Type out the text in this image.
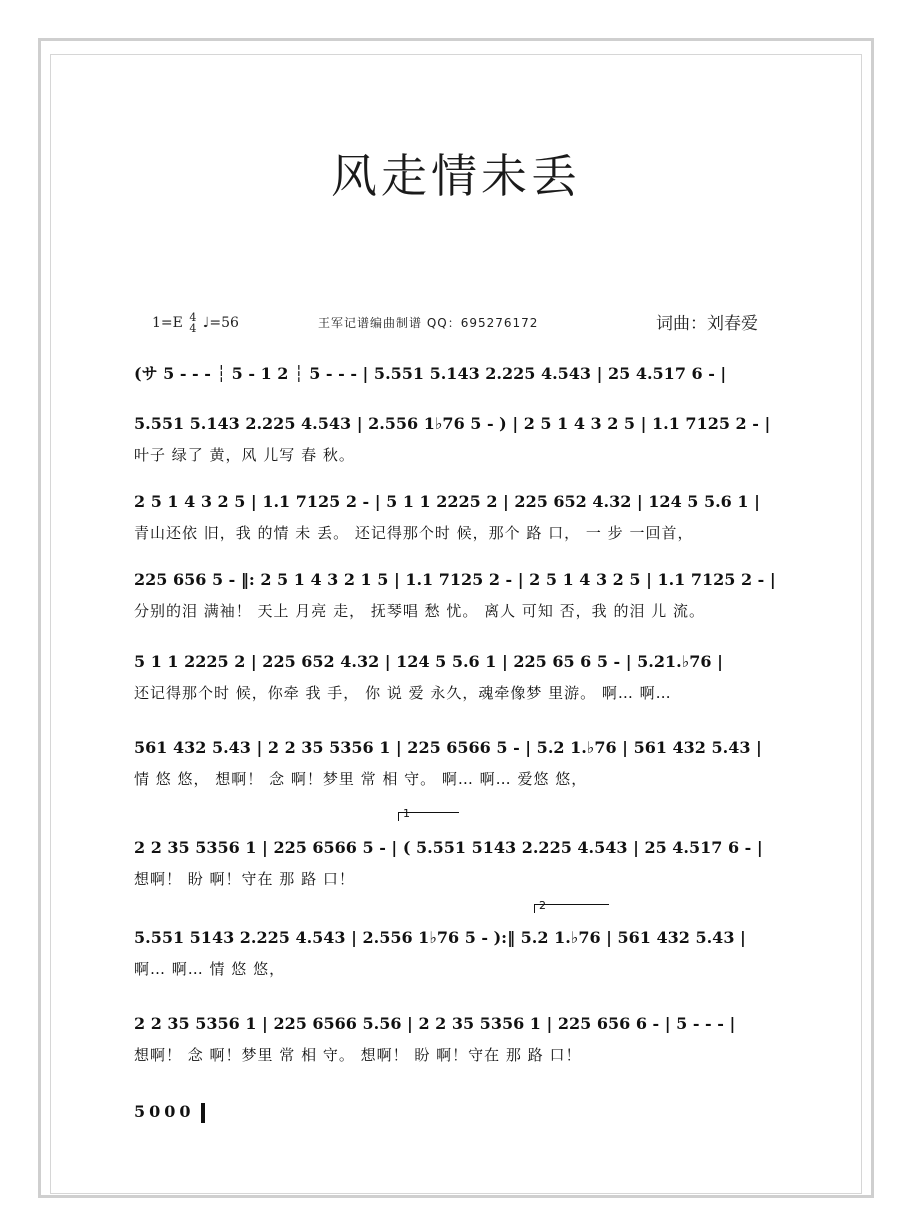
风走情未丢
1=E 4
4 ♩=56	王军记谱编曲制谱 QQ：695276172	词曲：刘春爱
(サ 5 - - - ┆ 5 - 1 2 ┆ 5 - - - | 5.551 5.143 2.225 4.543 | 25 4.517 6 - |
5.551 5.143 2.225 4.543 | 2.556 1♭76 5 - ) | 2 5 1 4 3 2 5 | 1.1 7125 2 - |
叶子 绿了 黄，风 儿写 春 秋。
2 5 1 4 3 2 5 | 1.1 7125 2 - | 5 1 1 2225 2 | 225 652 4.32 | 124 5 5.6 1 |
青山还依 旧，我 的情 未 丢。 还记得那个时 候，那个 路 口， 一 步 一回首，
225 656 5 - ‖: 2 5 1 4 3 2 1 5 | 1.1 7125 2 - | 2 5 1 4 3 2 5 | 1.1 7125 2 - |
分别的泪 满袖！ 天上 月亮 走， 抚琴唱 愁 忧。 离人 可知 否，我 的泪 儿 流。
5 1 1 2225 2 | 225 652 4.32 | 124 5 5.6 1 | 225 65 6 5 - | 5.21.♭76 |
还记得那个时 候，你牵 我 手， 你 说 爱 永久，魂牵像梦 里游。 啊… 啊…
561 432 5.43 | 2 2 35 5356 1 | 225 6566 5 - | 5.2 1.♭76 | 561 432 5.43 |
情 悠 悠， 想啊！ 念 啊！梦里 常 相 守。 啊… 啊… 爱悠 悠，
1
2 2 35 5356 1 | 225 6566 5 - | ( 5.551 5143 2.225 4.543 | 25 4.517 6 - |
想啊！ 盼 啊！守在 那 路 口！
2
5.551 5143 2.225 4.543 | 2.556 1♭76 5 - ):‖ 5.2 1.♭76 | 561 432 5.43 |
啊… 啊… 情 悠 悠，
2 2 35 5356 1 | 225 6566 5.56 | 2 2 35 5356 1 | 225 656 6 - | 5 - - - |
想啊！ 念 啊！梦里 常 相 守。 想啊！ 盼 啊！守在 那 路 口！
5000
